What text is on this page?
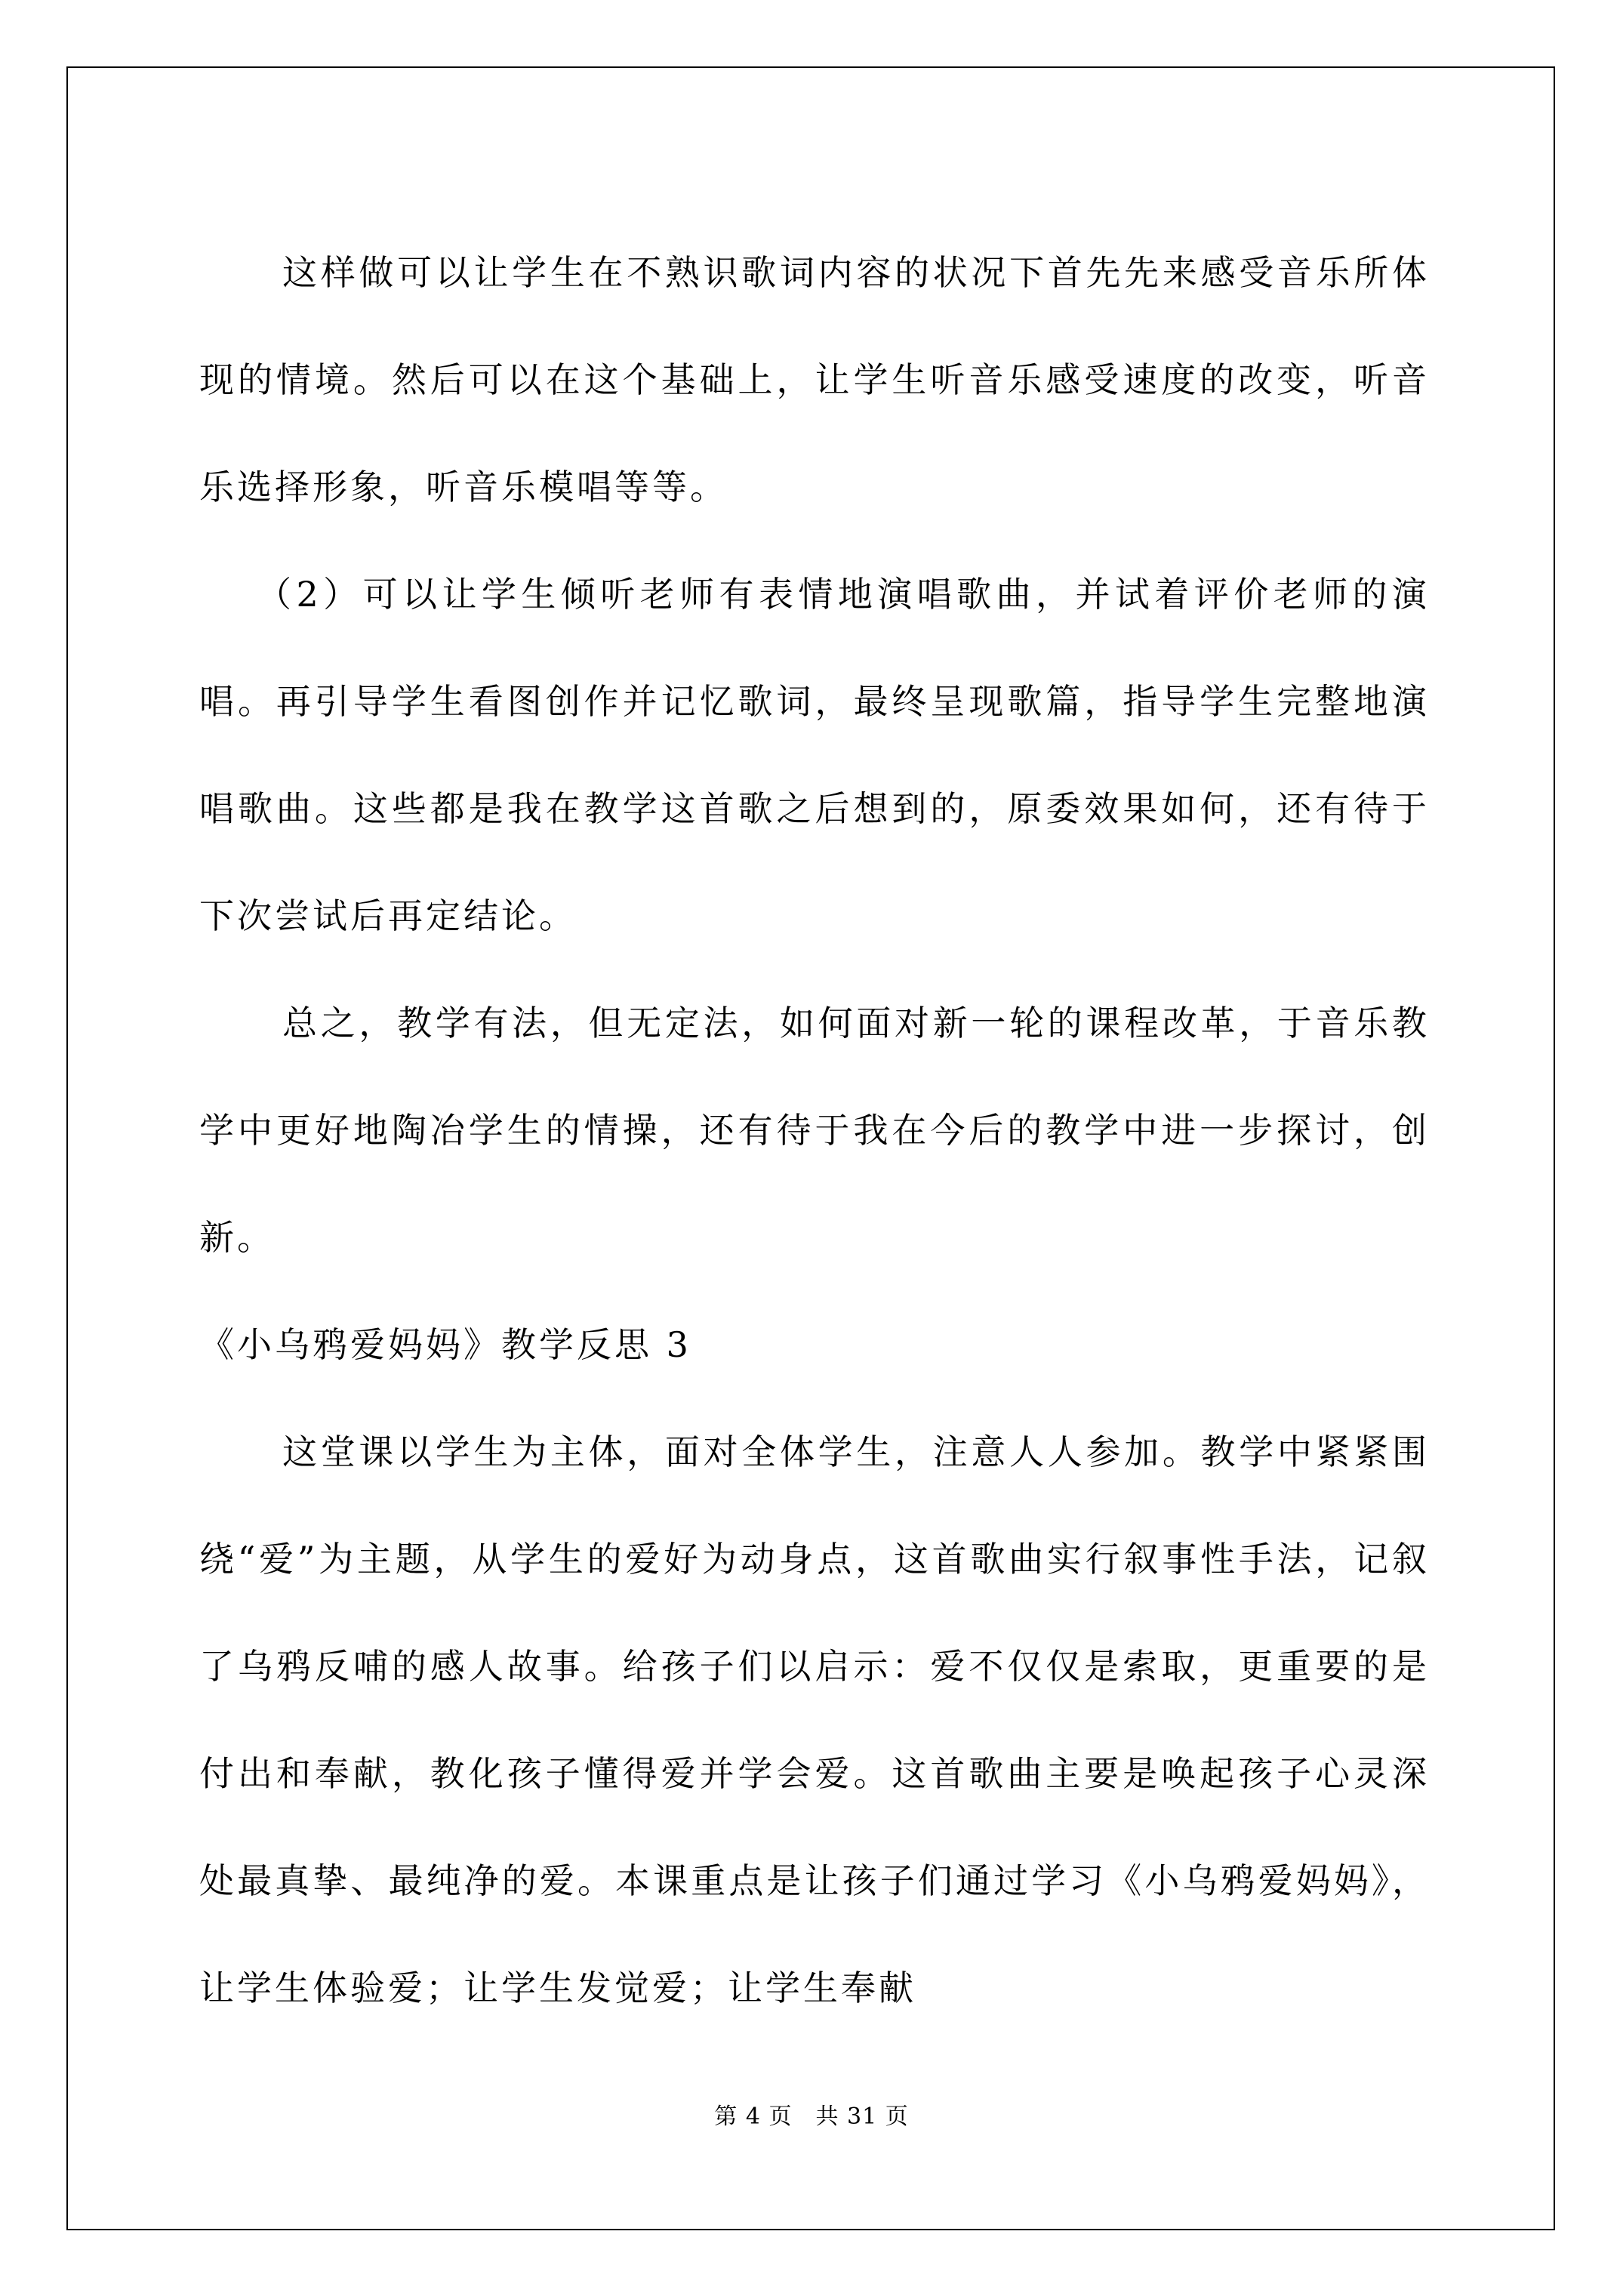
这样做可以让学生在不熟识歌词内容的状况下首先先来感受音乐所体现的情境。然后可以在这个基础上，让学生听音乐感受速度的改变，听音乐选择形象，听音乐模唱等等。

（2）可以让学生倾听老师有表情地演唱歌曲，并试着评价老师的演唱。再引导学生看图创作并记忆歌词，最终呈现歌篇，指导学生完整地演唱歌曲。这些都是我在教学这首歌之后想到的，原委效果如何，还有待于下次尝试后再定结论。

总之，教学有法，但无定法，如何面对新一轮的课程改革，于音乐教学中更好地陶冶学生的情操，还有待于我在今后的教学中进一步探讨，创新。

《小乌鸦爱妈妈》教学反思 3

这堂课以学生为主体，面对全体学生，注意人人参加。教学中紧紧围绕“爱”为主题，从学生的爱好为动身点，这首歌曲实行叙事性手法，记叙了乌鸦反哺的感人故事。给孩子们以启示：爱不仅仅是索取，更重要的是付出和奉献，教化孩子懂得爱并学会爱。这首歌曲主要是唤起孩子心灵深处最真挚、最纯净的爱。本课重点是让孩子们通过学习《小乌鸦爱妈妈》，让学生体验爱；让学生发觉爱；让学生奉献

第 4 页　共 31 页
